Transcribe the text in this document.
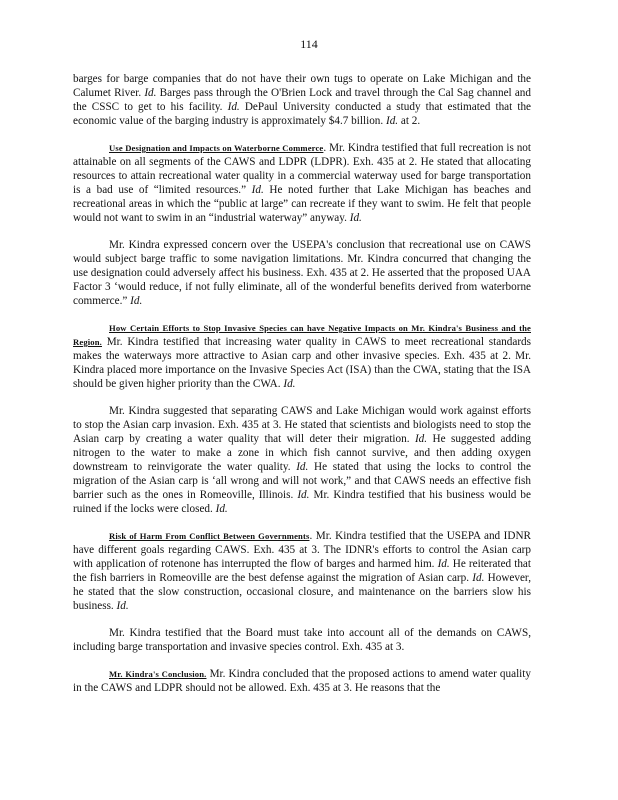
114

barges for barge companies that do not have their own tugs to operate on Lake Michigan and the Calumet River. Id. Barges pass through the O'Brien Lock and travel through the Cal Sag channel and the CSSC to get to his facility. Id. DePaul University conducted a study that estimated that the economic value of the barging industry is approximately $4.7 billion. Id. at 2.

Use Designation and Impacts on Waterborne Commerce. Mr. Kindra testified that full recreation is not attainable on all segments of the CAWS and LDPR (LDPR). Exh. 435 at 2. He stated that allocating resources to attain recreational water quality in a commercial waterway used for barge transportation is a bad use of “limited resources.” Id. He noted further that Lake Michigan has beaches and recreational areas in which the “public at large” can recreate if they want to swim. He felt that people would not want to swim in an “industrial waterway” anyway. Id.

Mr. Kindra expressed concern over the USEPA's conclusion that recreational use on CAWS would subject barge traffic to some navigation limitations. Mr. Kindra concurred that changing the use designation could adversely affect his business. Exh. 435 at 2. He asserted that the proposed UAA Factor 3 ‘would reduce, if not fully eliminate, all of the wonderful benefits derived from waterborne commerce.” Id.

How Certain Efforts to Stop Invasive Species can have Negative Impacts on Mr. Kindra's Business and the Region. Mr. Kindra testified that increasing water quality in CAWS to meet recreational standards makes the waterways more attractive to Asian carp and other invasive species. Exh. 435 at 2. Mr. Kindra placed more importance on the Invasive Species Act (ISA) than the CWA, stating that the ISA should be given higher priority than the CWA. Id.

Mr. Kindra suggested that separating CAWS and Lake Michigan would work against efforts to stop the Asian carp invasion. Exh. 435 at 3. He stated that scientists and biologists need to stop the Asian carp by creating a water quality that will deter their migration. Id. He suggested adding nitrogen to the water to make a zone in which fish cannot survive, and then adding oxygen downstream to reinvigorate the water quality. Id. He stated that using the locks to control the migration of the Asian carp is ‘all wrong and will not work,” and that CAWS needs an effective fish barrier such as the ones in Romeoville, Illinois. Id. Mr. Kindra testified that his business would be ruined if the locks were closed. Id.

Risk of Harm From Conflict Between Governments. Mr. Kindra testified that the USEPA and IDNR have different goals regarding CAWS. Exh. 435 at 3. The IDNR's efforts to control the Asian carp with application of rotenone has interrupted the flow of barges and harmed him. Id. He reiterated that the fish barriers in Romeoville are the best defense against the migration of Asian carp. Id. However, he stated that the slow construction, occasional closure, and maintenance on the barriers slow his business. Id.

Mr. Kindra testified that the Board must take into account all of the demands on CAWS, including barge transportation and invasive species control. Exh. 435 at 3.

Mr. Kindra's Conclusion. Mr. Kindra concluded that the proposed actions to amend water quality in the CAWS and LDPR should not be allowed. Exh. 435 at 3. He reasons that the
